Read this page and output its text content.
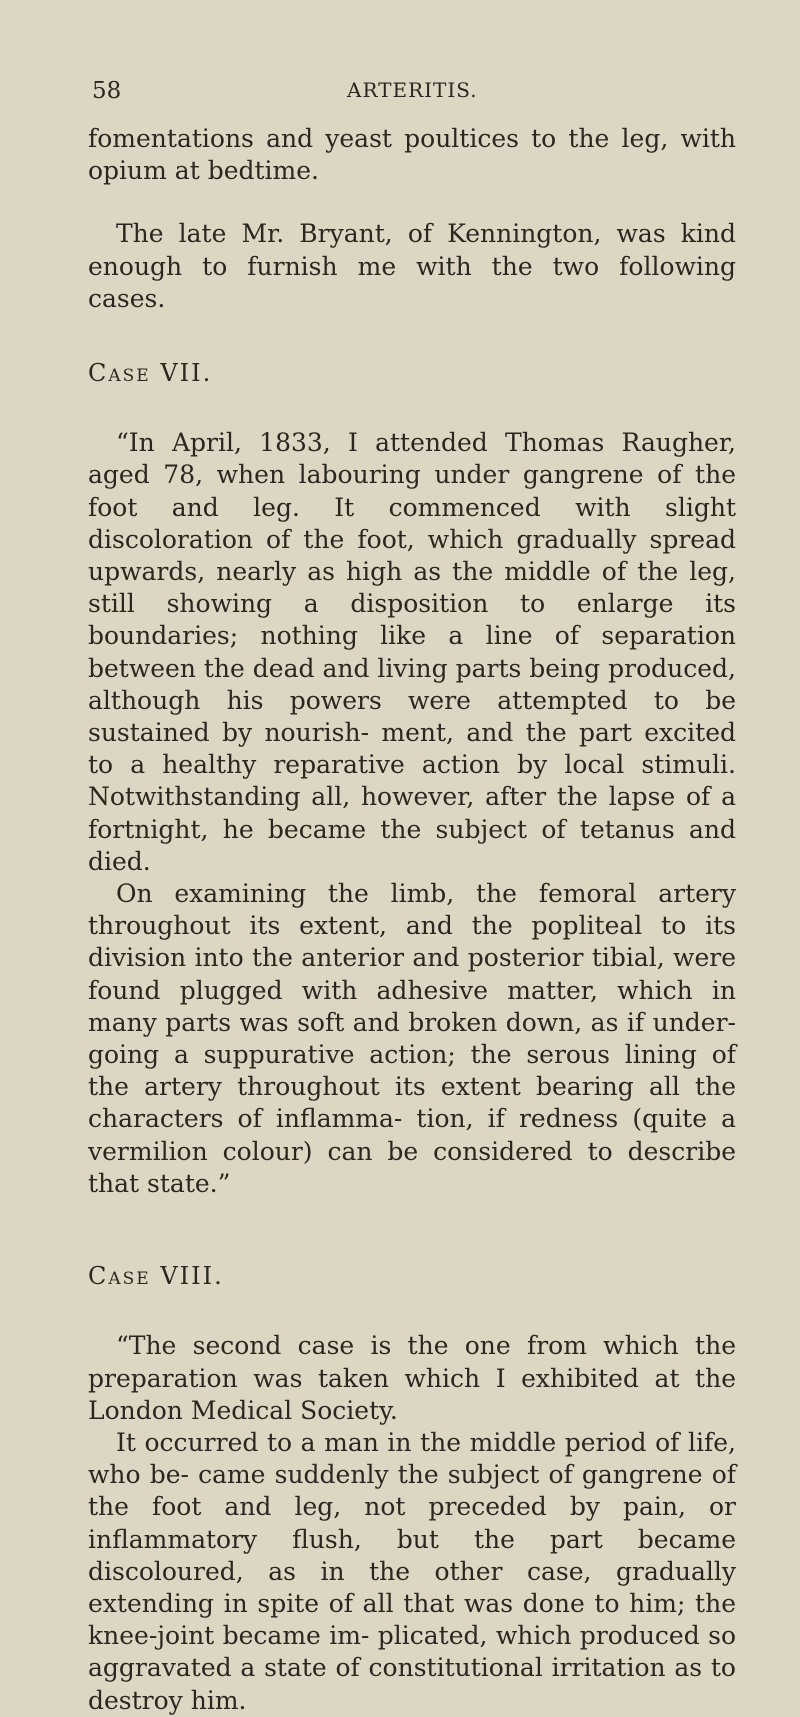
58	ARTERITIS.

fomentations and yeast poultices to the leg, with opium at bedtime.

The late Mr. Bryant, of Kennington, was kind enough to furnish me with the two following cases.

Case VII.

“In April, 1833, I attended Thomas Raugher, aged 78, when labouring under gangrene of the foot and leg. It commenced with slight discoloration of the foot, which gradually spread upwards, nearly as high as the middle of the leg, still showing a disposition to enlarge its boundaries; nothing like a line of separation between the dead and living parts being produced, although his powers were attempted to be sustained by nourish- ment, and the part excited to a healthy reparative action by local stimuli. Notwithstanding all, however, after the lapse of a fortnight, he became the subject of tetanus and died.

On examining the limb, the femoral artery throughout its extent, and the popliteal to its division into the anterior and posterior tibial, were found plugged with adhesive matter, which in many parts was soft and broken down, as if under- going a suppurative action; the serous lining of the artery throughout its extent bearing all the characters of inflamma- tion, if redness (quite a vermilion colour) can be considered to describe that state.”

Case VIII.

“The second case is the one from which the preparation was taken which I exhibited at the London Medical Society.

It occurred to a man in the middle period of life, who be- came suddenly the subject of gangrene of the foot and leg, not preceded by pain, or inflammatory flush, but the part became discoloured, as in the other case, gradually extending in spite of all that was done to him; the knee-joint became im- plicated, which produced so aggravated a state of constitutional irritation as to destroy him.
